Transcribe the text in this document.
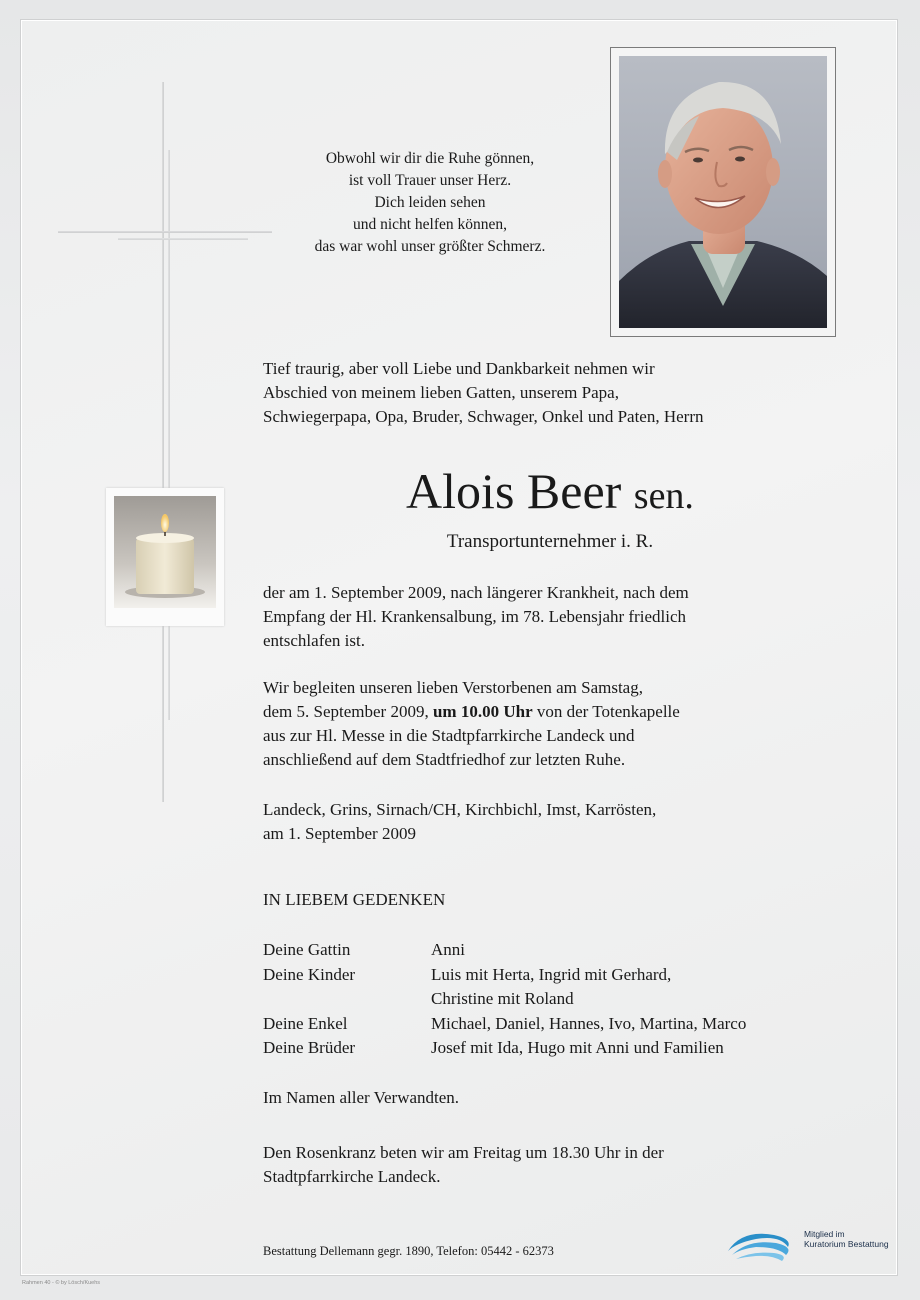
Obwohl wir dir die Ruhe gönnen,
ist voll Trauer unser Herz.
Dich leiden sehen
und nicht helfen können,
das war wohl unser größter Schmerz.
Tief traurig, aber voll Liebe und Dankbarkeit nehmen wir
Abschied von meinem lieben Gatten, unserem Papa,
Schwiegerpapa, Opa, Bruder, Schwager, Onkel und Paten, Herrn
Alois Beer sen.
Transportunternehmer i. R.
der am 1. September 2009, nach längerer Krankheit, nach dem
Empfang der Hl. Krankensalbung, im 78. Lebensjahr friedlich
entschlafen ist.
Wir begleiten unseren lieben Verstorbenen am Samstag,
dem 5. September 2009, um 10.00 Uhr von der Totenkapelle
aus zur Hl. Messe in die Stadtpfarrkirche Landeck und
anschließend auf dem Stadtfriedhof zur letzten Ruhe.
Landeck, Grins, Sirnach/CH, Kirchbichl, Imst, Karrösten,
am 1. September 2009
IN LIEBEM GEDENKEN
Deine Gattin	Anni
Deine Kinder	Luis mit Herta, Ingrid mit Gerhard,
Christine mit Roland
Deine Enkel	Michael, Daniel, Hannes, Ivo, Martina, Marco
Deine Brüder	Josef mit Ida, Hugo mit Anni und Familien
Im Namen aller Verwandten.
Den Rosenkranz beten wir am Freitag um 18.30 Uhr in der
Stadtpfarrkirche Landeck.
Bestattung Dellemann gegr. 1890, Telefon: 05442 - 62373
Mitglied im
Kuratorium Bestattung
Rahmen 40 - © by Lösch/Kuehs
